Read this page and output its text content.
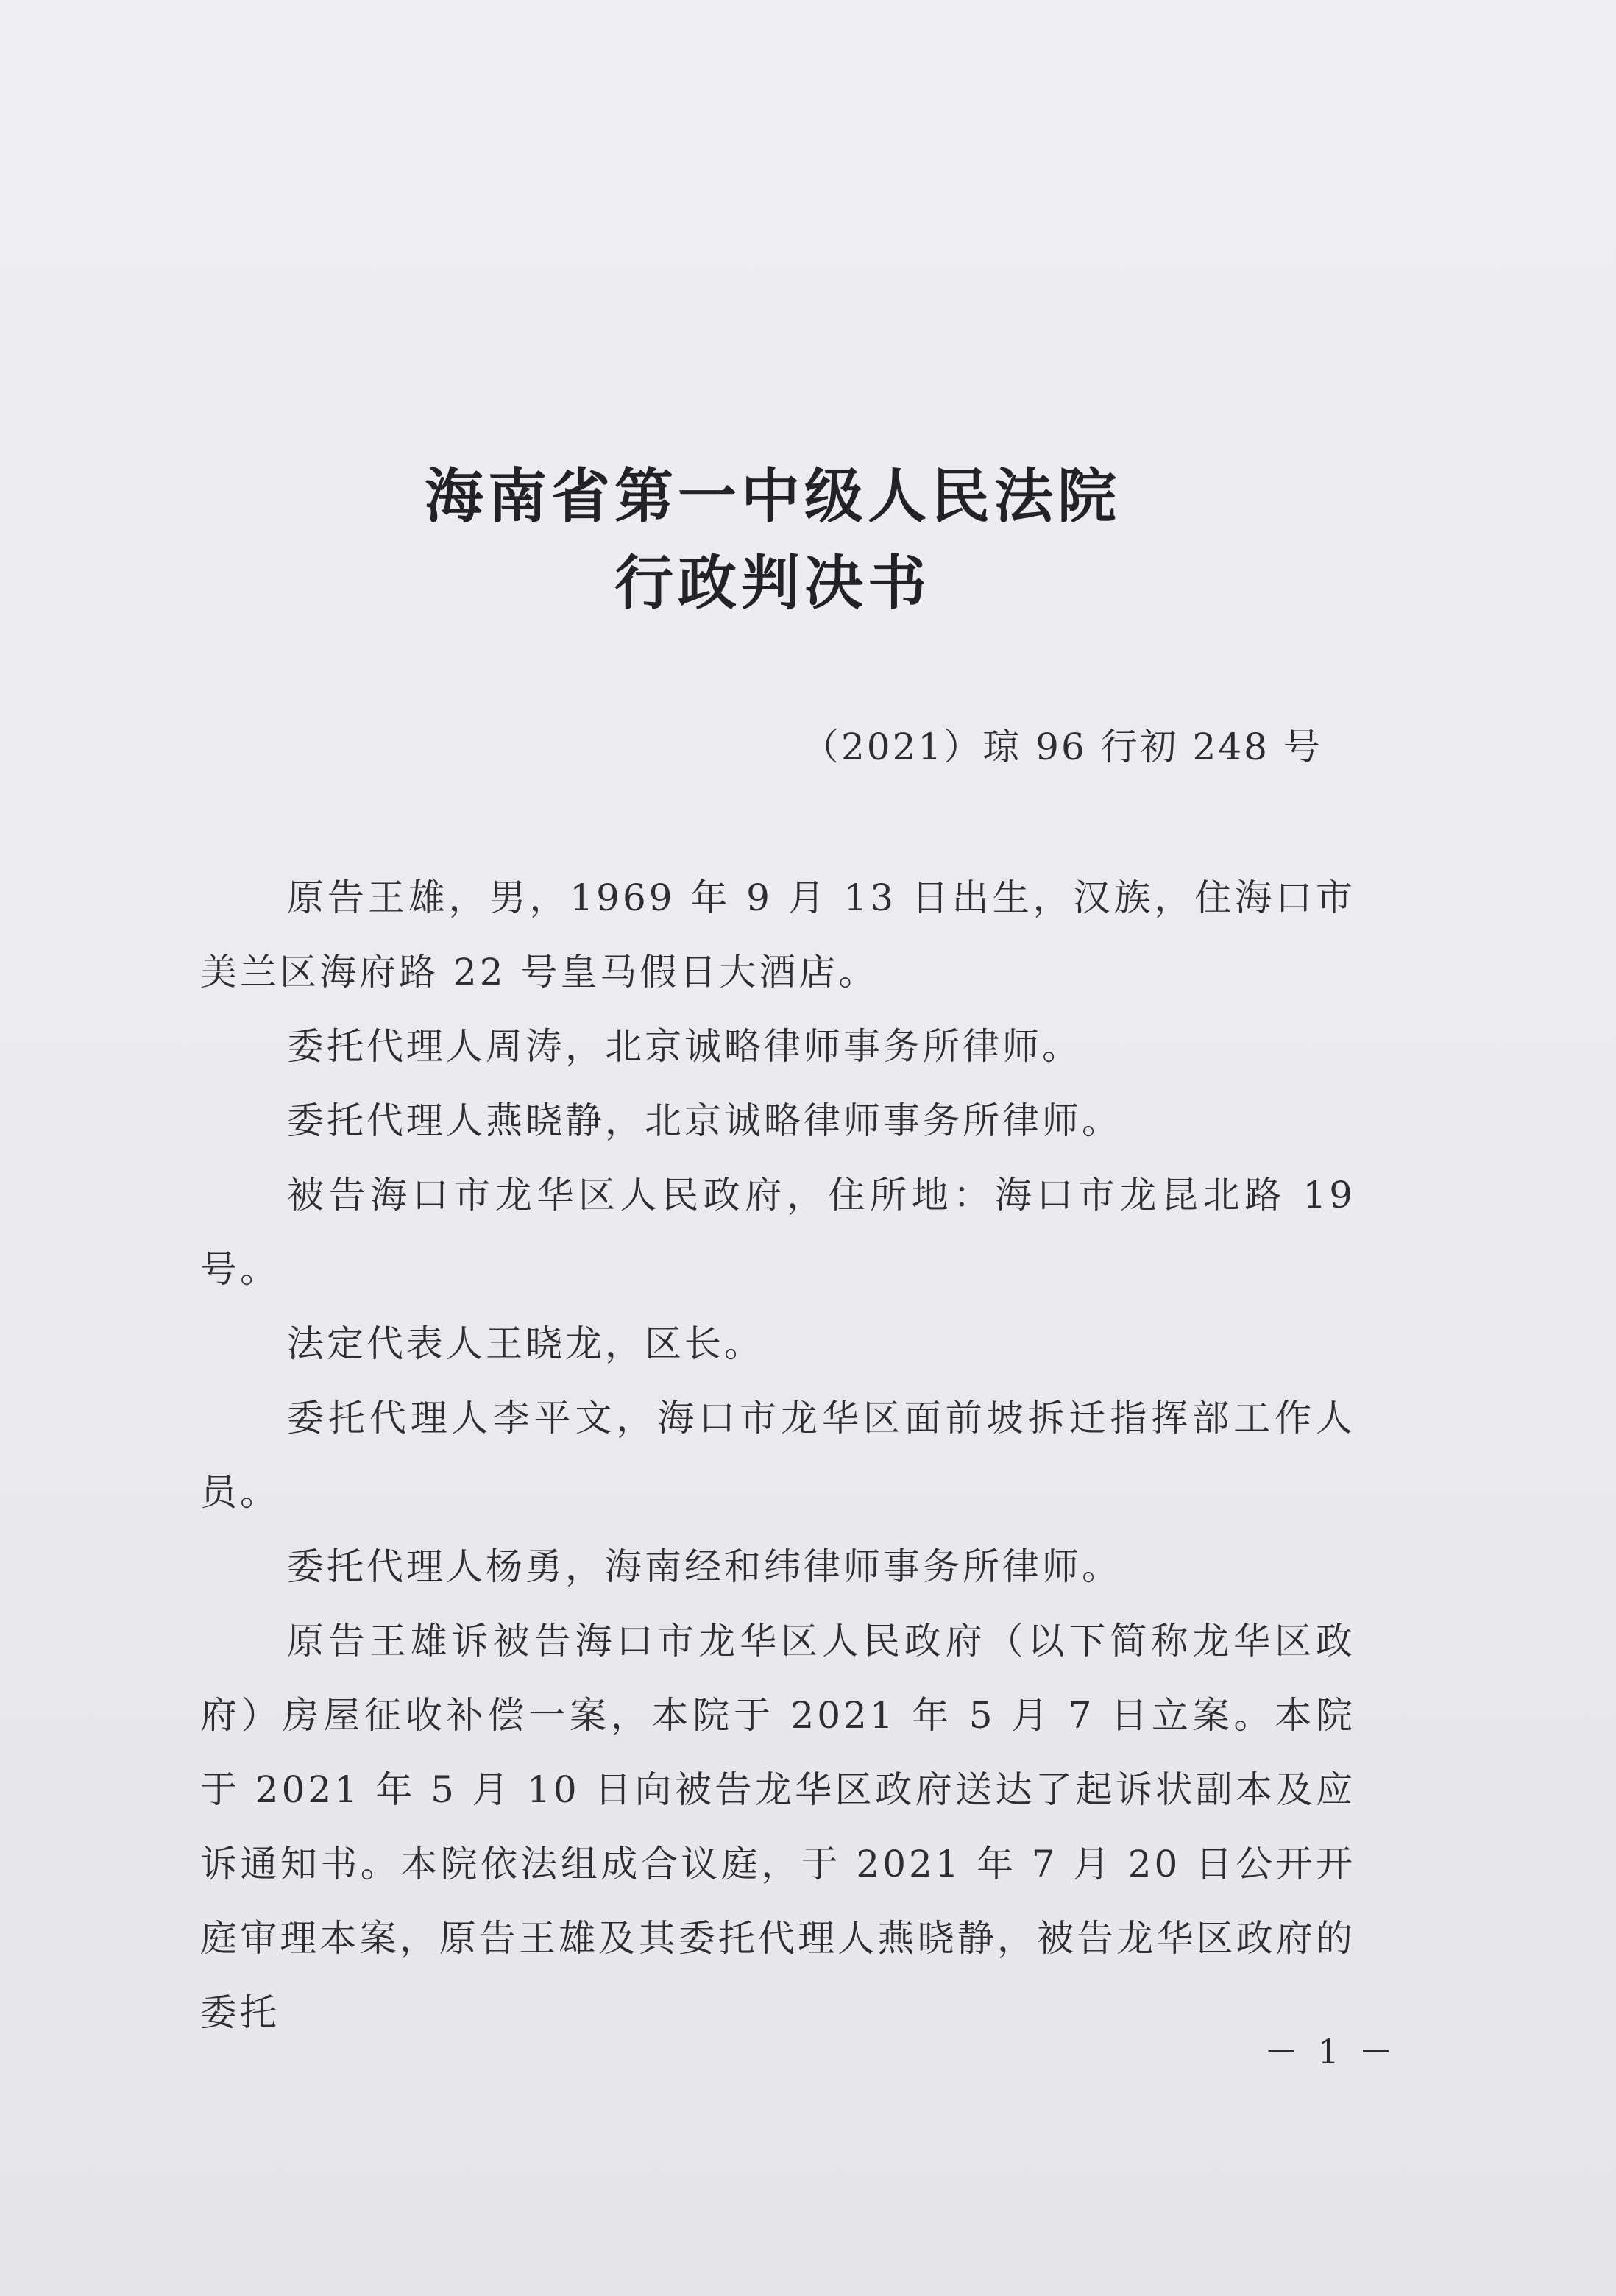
海南省第一中级人民法院
行政判决书
（2021）琼 96 行初 248 号

原告王雄，男，1969 年 9 月 13 日出生，汉族，住海口市美兰区海府路 22 号皇马假日大酒店。

委托代理人周涛，北京诚略律师事务所律师。

委托代理人燕晓静，北京诚略律师事务所律师。

被告海口市龙华区人民政府，住所地：海口市龙昆北路 19 号。

法定代表人王晓龙，区长。

委托代理人李平文，海口市龙华区面前坡拆迁指挥部工作人员。

委托代理人杨勇，海南经和纬律师事务所律师。

原告王雄诉被告海口市龙华区人民政府（以下简称龙华区政府）房屋征收补偿一案，本院于 2021 年 5 月 7 日立案。本院于 2021 年 5 月 10 日向被告龙华区政府送达了起诉状副本及应诉通知书。本院依法组成合议庭，于 2021 年 7 月 20 日公开开庭审理本案，原告王雄及其委托代理人燕晓静，被告龙华区政府的委托

－ 1 －
